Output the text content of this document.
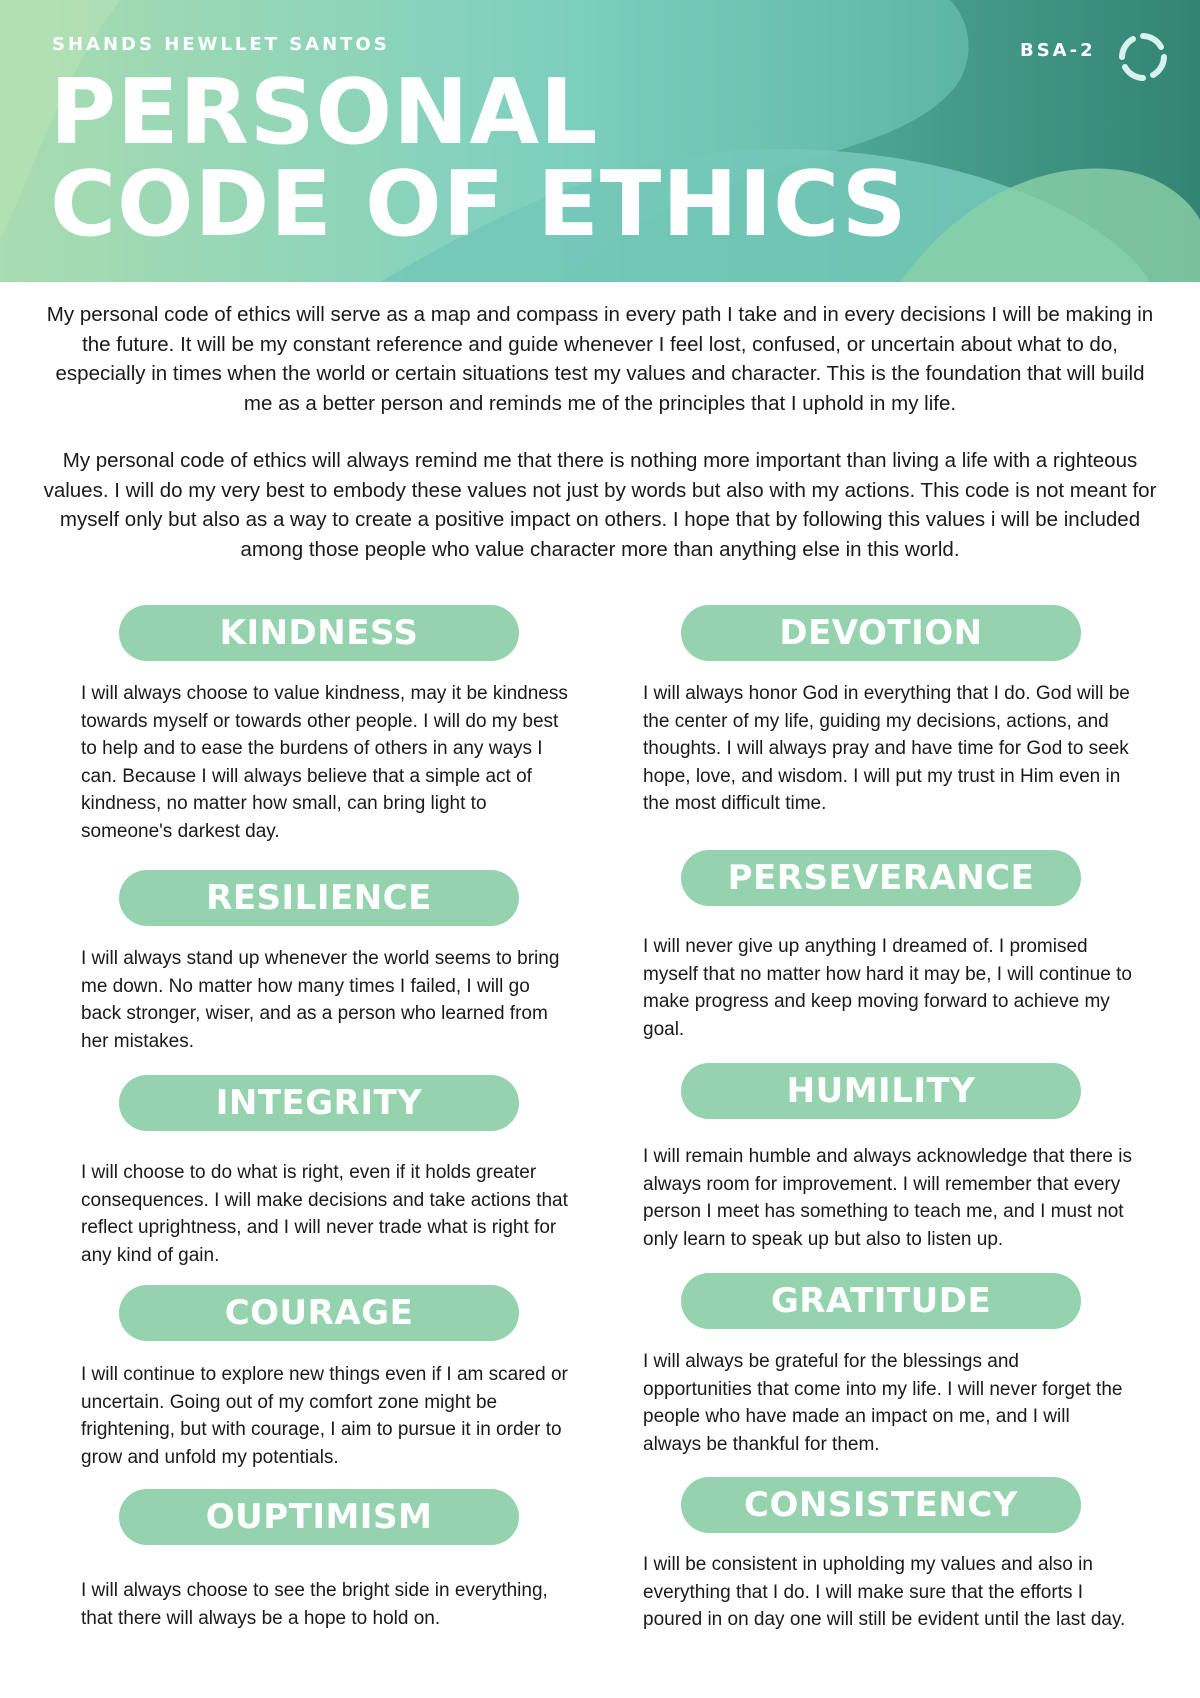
SHANDS HEWLLET SANTOS	BSA-2
PERSONAL
CODE OF ETHICS

My personal code of ethics will serve as a map and compass in every path I take and in every decisions I will be making in the future. It will be my constant reference and guide whenever I feel lost, confused, or uncertain about what to do, especially in times when the world or certain situations test my values and character. This is the foundation that will build me as a better person and reminds me of the principles that I uphold in my life.

My personal code of ethics will always remind me that there is nothing more important than living a life with a righteous values. I will do my very best to embody these values not just by words but also with my actions. This code is not meant for myself only but also as a way to create a positive impact on others. I hope that by following this values i will be included among those people who value character more than anything else in this world.

KINDNESS

I will always choose to value kindness, may it be kindness towards myself or towards other people. I will do my best to help and to ease the burdens of others in any ways I can. Because I will always believe that a simple act of kindness, no matter how small, can bring light to someone's darkest day.

RESILIENCE

I will always stand up whenever the world seems to bring me down. No matter how many times I failed, I will go back stronger, wiser, and as a person who learned from her mistakes.

INTEGRITY

I will choose to do what is right, even if it holds greater consequences. I will make decisions and take actions that reflect uprightness, and I will never trade what is right for any kind of gain.

COURAGE

I will continue to explore new things even if I am scared or uncertain. Going out of my comfort zone might be frightening, but with courage, I aim to pursue it in order to grow and unfold my potentials.

OUPTIMISM

I will always choose to see the bright side in everything, that there will always be a hope to hold on.

DEVOTION

I will always honor God in everything that I do. God will be the center of my life, guiding my decisions, actions, and thoughts. I will always pray and have time for God to seek hope, love, and wisdom. I will put my trust in Him even in the most difficult time.

PERSEVERANCE

I will never give up anything I dreamed of. I promised myself that no matter how hard it may be, I will continue to make progress and keep moving forward to achieve my goal.

HUMILITY

I will remain humble and always acknowledge that there is always room for improvement. I will remember that every person I meet has something to teach me, and I must not only learn to speak up but also to listen up.

GRATITUDE

I will always be grateful for the blessings and opportunities that come into my life. I will never forget the people who have made an impact on me, and I will always be thankful for them.

CONSISTENCY

I will be consistent in upholding my values and also in everything that I do. I will make sure that the efforts I poured in on day one will still be evident until the last day.
